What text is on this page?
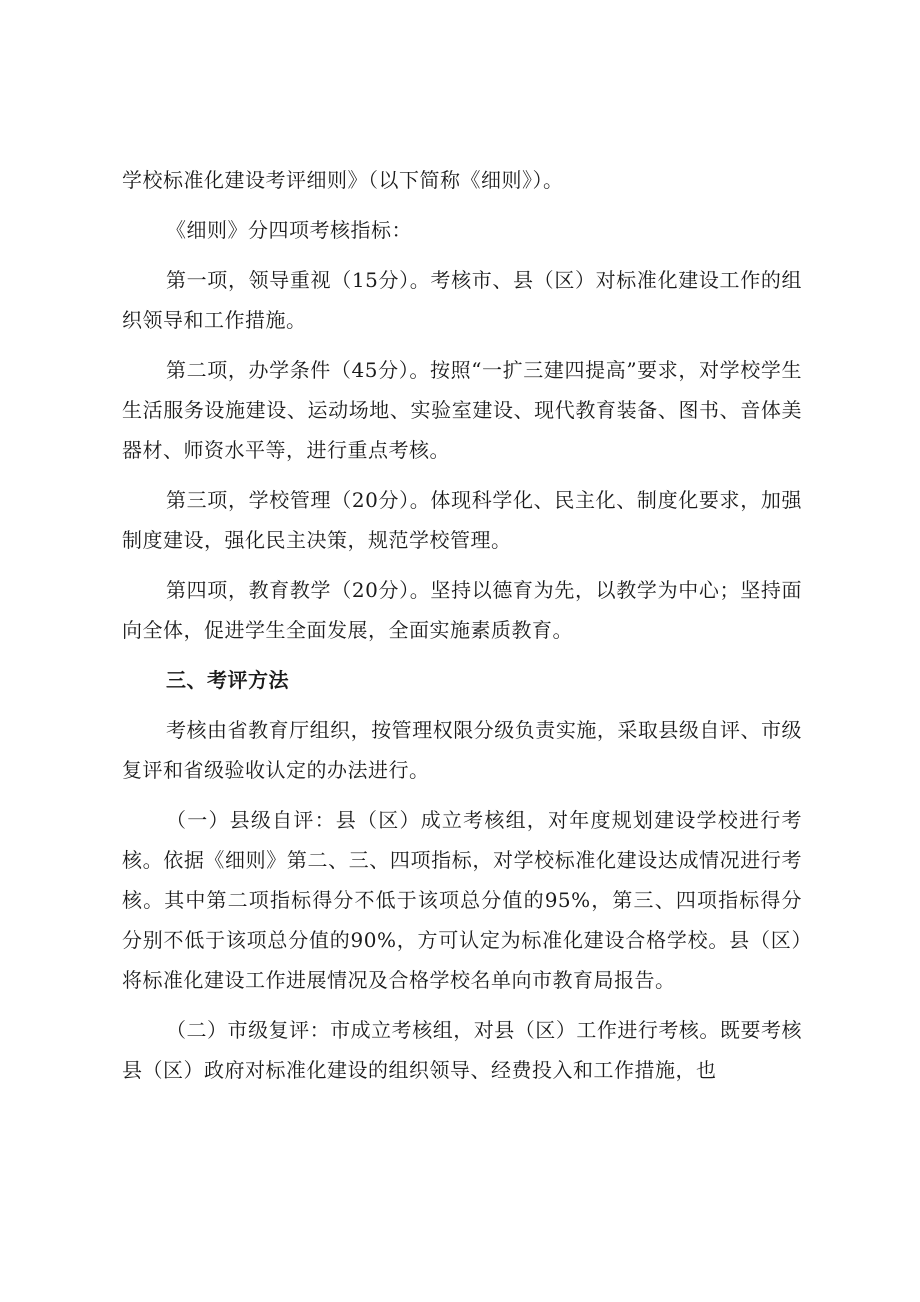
学校标准化建设考评细则》（以下简称《细则》）。

《细则》分四项考核指标：

第一项，领导重视（15分）。考核市、县（区）对标准化建设工作的组织领导和工作措施。

第二项，办学条件（45分）。按照“一扩三建四提高”要求，对学校学生生活服务设施建设、运动场地、实验室建设、现代教育装备、图书、音体美器材、师资水平等，进行重点考核。

第三项，学校管理（20分）。体现科学化、民主化、制度化要求，加强制度建设，强化民主决策，规范学校管理。

第四项，教育教学（20分）。坚持以德育为先，以教学为中心；坚持面向全体，促进学生全面发展，全面实施素质教育。

三、考评方法

考核由省教育厅组织，按管理权限分级负责实施，采取县级自评、市级复评和省级验收认定的办法进行。

（一）县级自评：县（区）成立考核组，对年度规划建设学校进行考核。依据《细则》第二、三、四项指标，对学校标准化建设达成情况进行考核。其中第二项指标得分不低于该项总分值的95%，第三、四项指标得分分别不低于该项总分值的90%，方可认定为标准化建设合格学校。县（区）将标准化建设工作进展情况及合格学校名单向市教育局报告。

（二）市级复评：市成立考核组，对县（区）工作进行考核。既要考核县（区）政府对标准化建设的组织领导、经费投入和工作措施，也
